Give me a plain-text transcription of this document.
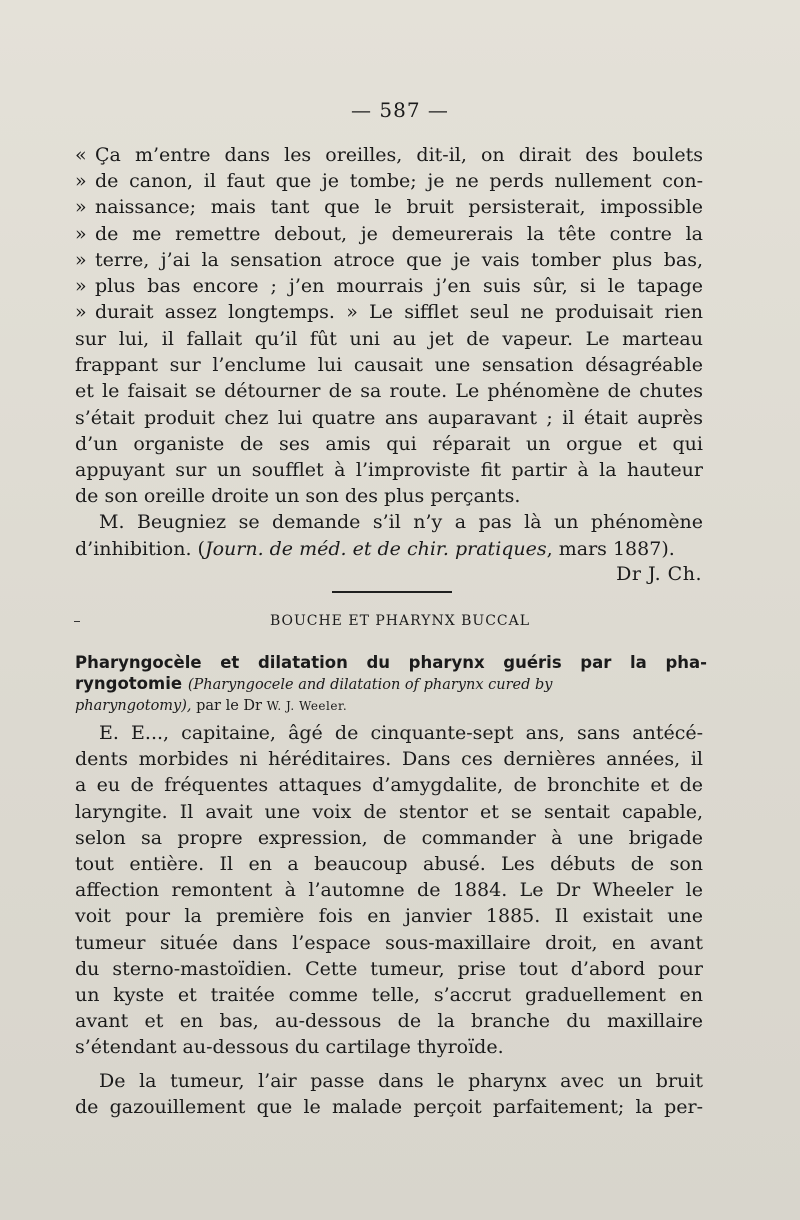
— 587 —
« Ça m’entre dans les oreilles, dit-il, on dirait des boulets
» de canon, il faut que je tombe; je ne perds nullement con-
» naissance; mais tant que le bruit persisterait, impossible
» de me remettre debout, je demeurerais la tête contre la
» terre, j’ai la sensation atroce que je vais tomber plus bas,
» plus bas encore ; j’en mourrais j’en suis sûr, si le tapage
» durait assez longtemps. » Le sifflet seul ne produisait rien
sur lui, il fallait qu’il fût uni au jet de vapeur. Le marteau
frappant sur l’enclume lui causait une sensation désagréable
et le faisait se détourner de sa route. Le phénomène de chutes
s’était produit chez lui quatre ans auparavant ; il était auprès
d’un organiste de ses amis qui réparait un orgue et qui
appuyant sur un soufflet à l’improviste fit partir à la hauteur
de son oreille droite un son des plus perçants.
M. Beugniez se demande s’il n’y a pas là un phénomène
d’inhibition. (Journ. de méd. et de chir. pratiques, mars 1887).
Dr J. Ch.
BOUCHE ET PHARYNX BUCCAL
Pharyngocèle et dilatation du pharynx guéris par la pha-
ryngotomie (Pharyngocele and dilatation of pharynx cured by
pharyngotomy), par le Dr W. J. Weeler.
E. E..., capitaine, âgé de cinquante-sept ans, sans antécé-
dents morbides ni héréditaires. Dans ces dernières années, il
a eu de fréquentes attaques d’amygdalite, de bronchite et de
laryngite. Il avait une voix de stentor et se sentait capable,
selon sa propre expression, de commander à une brigade
tout entière. Il en a beaucoup abusé. Les débuts de son
affection remontent à l’automne de 1884. Le Dr Wheeler le
voit pour la première fois en janvier 1885. Il existait une
tumeur située dans l’espace sous-maxillaire droit, en avant
du sterno-mastoïdien. Cette tumeur, prise tout d’abord pour
un kyste et traitée comme telle, s’accrut graduellement en
avant et en bas, au-dessous de la branche du maxillaire
s’étendant au-dessous du cartilage thyroïde.
De la tumeur, l’air passe dans le pharynx avec un bruit
de gazouillement que le malade perçoit parfaitement; la per-
